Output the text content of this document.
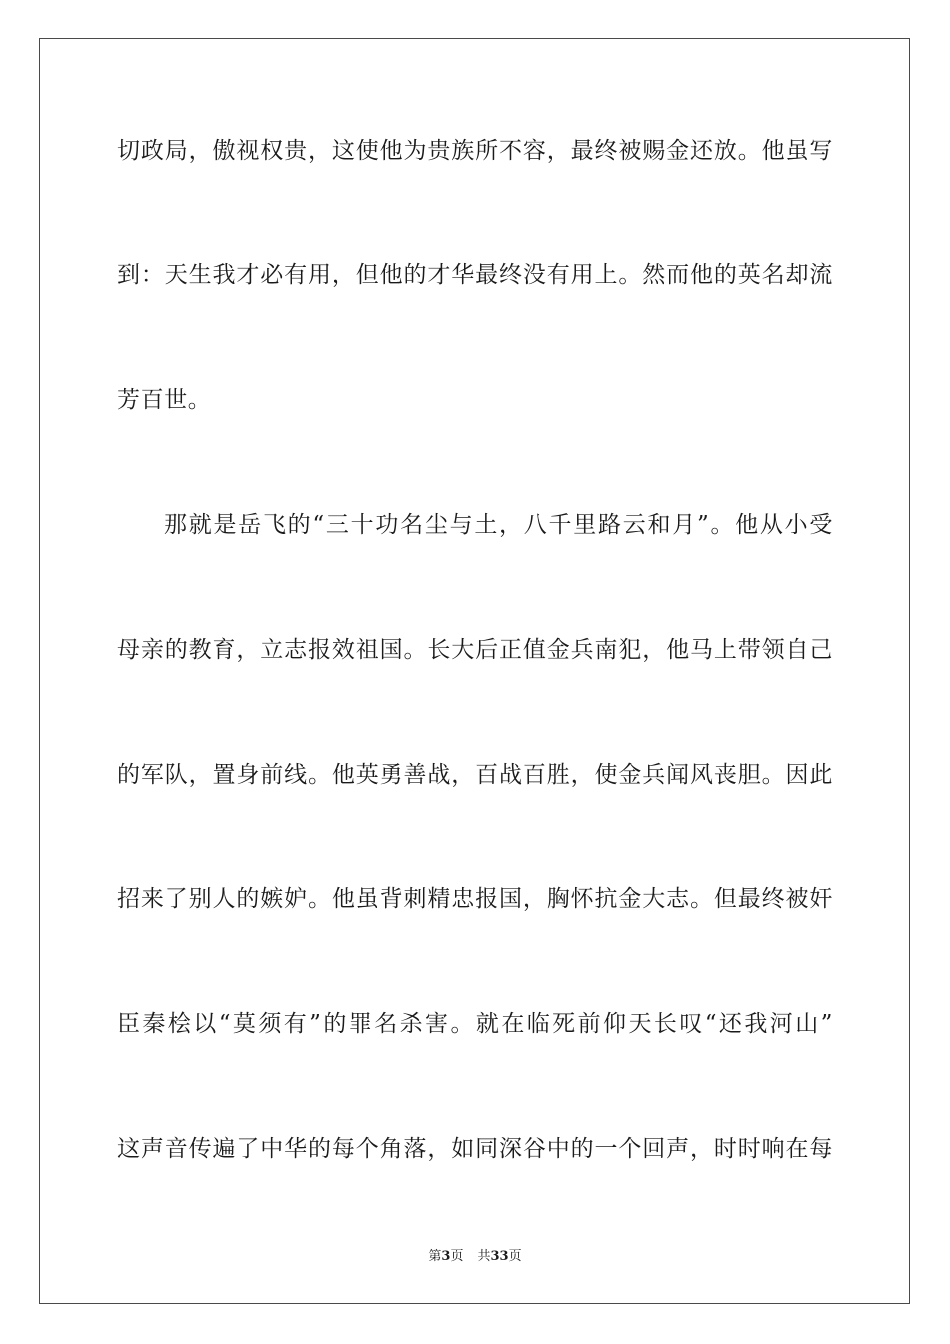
切政局，傲视权贵，这使他为贵族所不容，最终被赐金还放。他虽写
到：天生我才必有用，但他的才华最终没有用上。然而他的英名却流
芳百世。
那就是岳飞的“三十功名尘与土，八千里路云和月”。他从小受
母亲的教育，立志报效祖国。长大后正值金兵南犯，他马上带领自己
的军队，置身前线。他英勇善战，百战百胜，使金兵闻风丧胆。因此
招来了别人的嫉妒。他虽背刺精忠报国，胸怀抗金大志。但最终被奸
臣秦桧以“莫须有”的罪名杀害。就在临死前仰天长叹“还我河山”
这声音传遍了中华的每个角落，如同深谷中的一个回声，时时响在每
第3页 共33页
